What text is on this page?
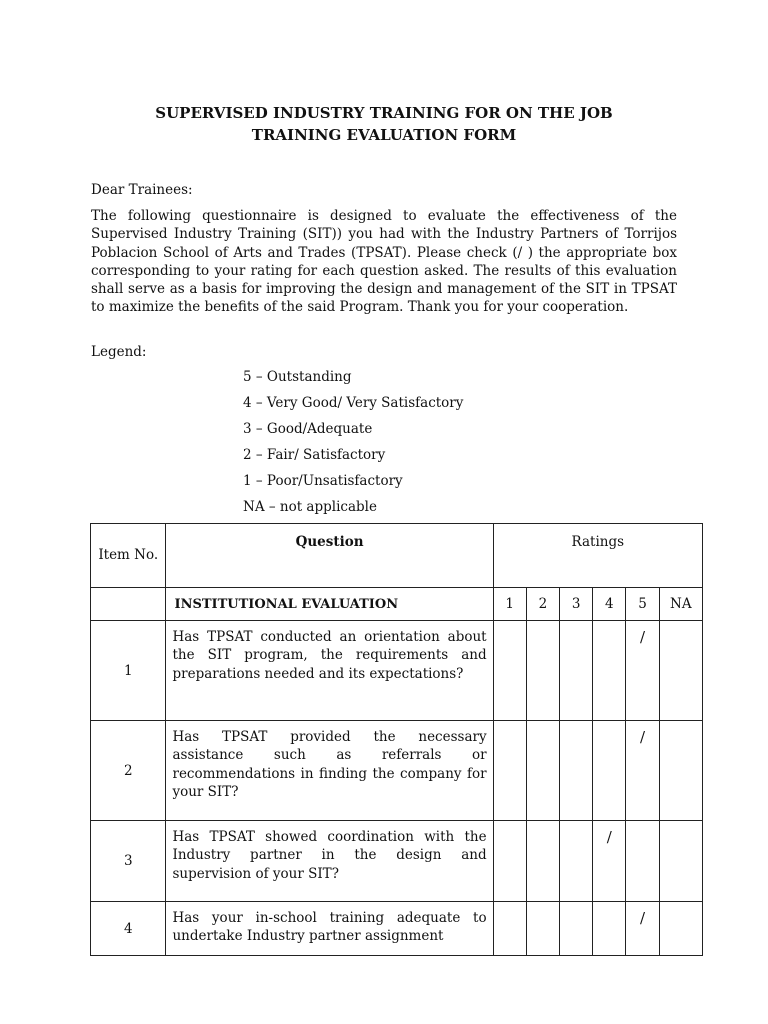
SUPERVISED INDUSTRY TRAINING FOR ON THE JOB
TRAINING EVALUATION FORM
Dear Trainees:
The following questionnaire is designed to evaluate the effectiveness of the Supervised Industry Training (SIT)) you had with the Industry Partners of Torrijos Poblacion School of Arts and Trades (TPSAT). Please check (/ ) the appropriate box corresponding to your rating for each question asked. The results of this evaluation shall serve as a basis for improving the design and management of the SIT in TPSAT to maximize the benefits of the said Program. Thank you for your cooperation.
Legend:
5 – Outstanding
4 – Very Good/ Very Satisfactory
3 – Good/Adequate
2 – Fair/ Satisfactory
1 – Poor/Unsatisfactory
NA – not applicable
Item No.	Question	Ratings					
	INSTITUTIONAL EVALUATION	1	2	3	4	5	NA
1	Has TPSAT conducted an orientation about the SIT program, the requirements and preparations needed and its expectations?					/	
2	Has TPSAT provided the necessary assistance such as referrals or recommendations in finding the company for your SIT?					/	
3	Has TPSAT showed coordination with the Industry partner in the design and supervision of your SIT?				/		
4	Has your in-school training adequate to undertake Industry partner assignment					/	
